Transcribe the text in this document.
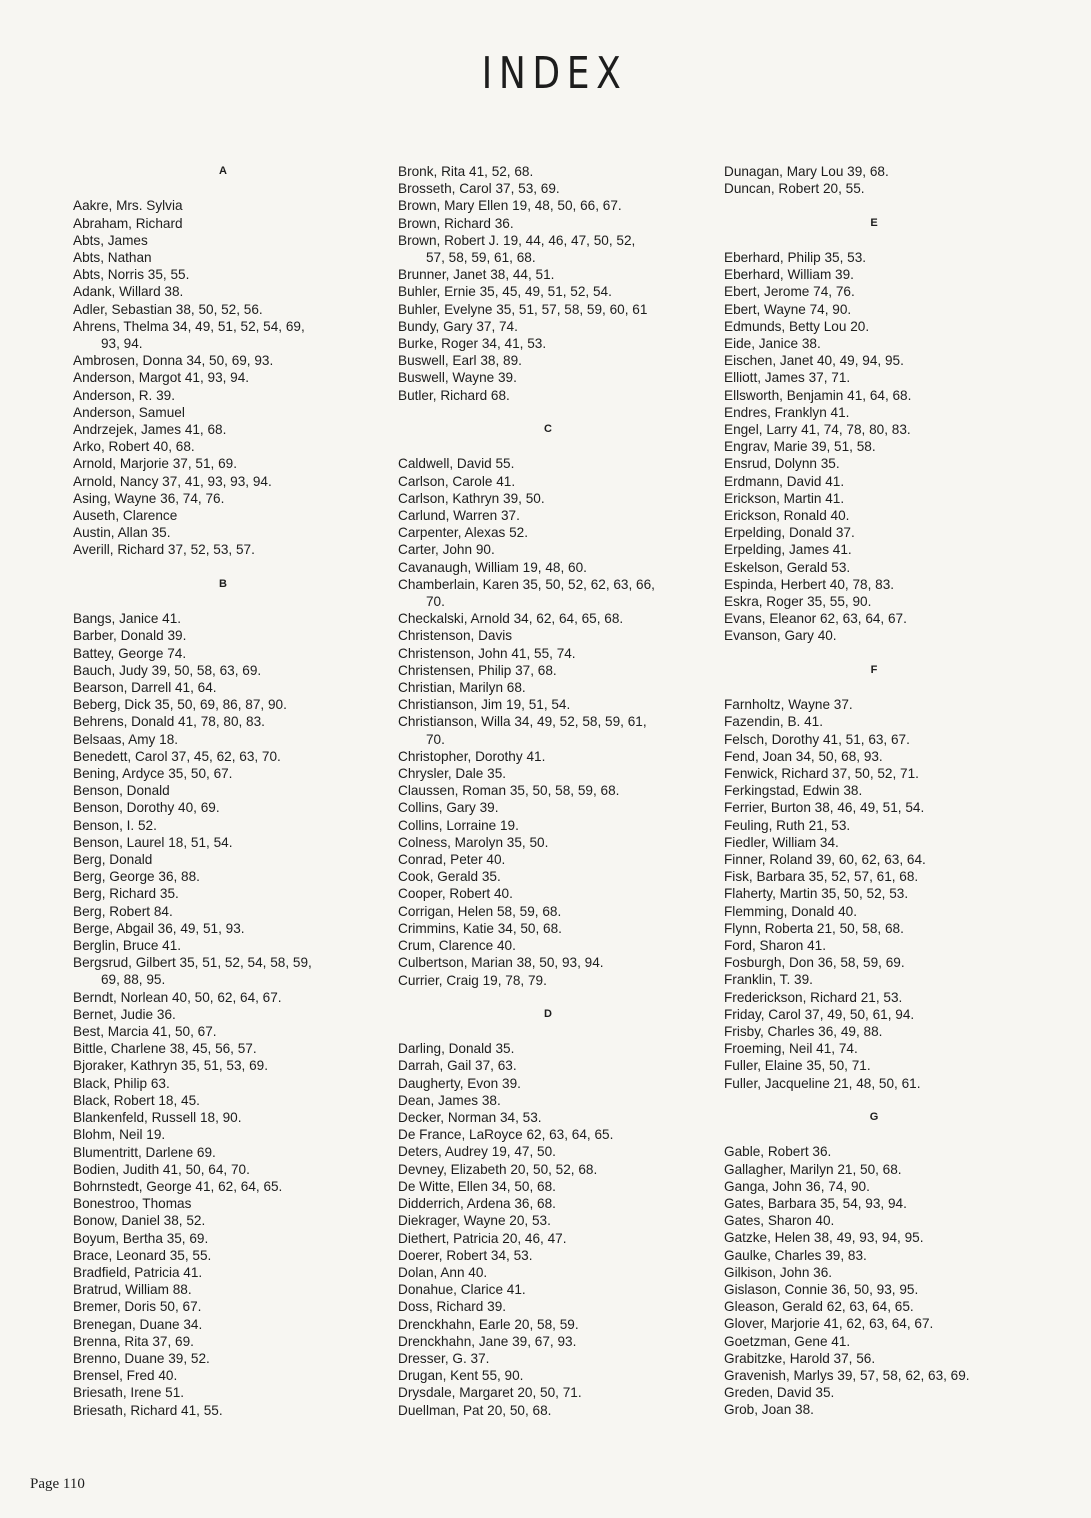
INDEX
A
Aakre, Mrs. Sylvia
Abraham, Richard
Abts, James
Abts, Nathan
Abts, Norris 35, 55.
Adank, Willard 38.
Adler, Sebastian 38, 50, 52, 56.
Ahrens, Thelma 34, 49, 51, 52, 54, 69,
93, 94.
Ambrosen, Donna 34, 50, 69, 93.
Anderson, Margot 41, 93, 94.
Anderson, R. 39.
Anderson, Samuel
Andrzejek, James 41, 68.
Arko, Robert 40, 68.
Arnold, Marjorie 37, 51, 69.
Arnold, Nancy 37, 41, 93, 93, 94.
Asing, Wayne 36, 74, 76.
Auseth, Clarence
Austin, Allan 35.
Averill, Richard 37, 52, 53, 57.
B
Bangs, Janice 41.
Barber, Donald 39.
Battey, George 74.
Bauch, Judy 39, 50, 58, 63, 69.
Bearson, Darrell 41, 64.
Beberg, Dick 35, 50, 69, 86, 87, 90.
Behrens, Donald 41, 78, 80, 83.
Belsaas, Amy 18.
Benedett, Carol 37, 45, 62, 63, 70.
Bening, Ardyce 35, 50, 67.
Benson, Donald
Benson, Dorothy 40, 69.
Benson, I. 52.
Benson, Laurel 18, 51, 54.
Berg, Donald
Berg, George 36, 88.
Berg, Richard 35.
Berg, Robert 84.
Berge, Abgail 36, 49, 51, 93.
Berglin, Bruce 41.
Bergsrud, Gilbert 35, 51, 52, 54, 58, 59,
69, 88, 95.
Berndt, Norlean 40, 50, 62, 64, 67.
Bernet, Judie 36.
Best, Marcia 41, 50, 67.
Bittle, Charlene 38, 45, 56, 57.
Bjoraker, Kathryn 35, 51, 53, 69.
Black, Philip 63.
Black, Robert 18, 45.
Blankenfeld, Russell 18, 90.
Blohm, Neil 19.
Blumentritt, Darlene 69.
Bodien, Judith 41, 50, 64, 70.
Bohrnstedt, George 41, 62, 64, 65.
Bonestroo, Thomas
Bonow, Daniel 38, 52.
Boyum, Bertha 35, 69.
Brace, Leonard 35, 55.
Bradfield, Patricia 41.
Bratrud, William 88.
Bremer, Doris 50, 67.
Brenegan, Duane 34.
Brenna, Rita 37, 69.
Brenno, Duane 39, 52.
Brensel, Fred 40.
Briesath, Irene 51.
Briesath, Richard 41, 55.
Bronk, Rita 41, 52, 68.
Brosseth, Carol 37, 53, 69.
Brown, Mary Ellen 19, 48, 50, 66, 67.
Brown, Richard 36.
Brown, Robert J. 19, 44, 46, 47, 50, 52,
57, 58, 59, 61, 68.
Brunner, Janet 38, 44, 51.
Buhler, Ernie 35, 45, 49, 51, 52, 54.
Buhler, Evelyne 35, 51, 57, 58, 59, 60, 61
Bundy, Gary 37, 74.
Burke, Roger 34, 41, 53.
Buswell, Earl 38, 89.
Buswell, Wayne 39.
Butler, Richard 68.
C
Caldwell, David 55.
Carlson, Carole 41.
Carlson, Kathryn 39, 50.
Carlund, Warren 37.
Carpenter, Alexas 52.
Carter, John 90.
Cavanaugh, William 19, 48, 60.
Chamberlain, Karen 35, 50, 52, 62, 63, 66,
70.
Checkalski, Arnold 34, 62, 64, 65, 68.
Christenson, Davis
Christenson, John 41, 55, 74.
Christensen, Philip 37, 68.
Christian, Marilyn 68.
Christianson, Jim 19, 51, 54.
Christianson, Willa 34, 49, 52, 58, 59, 61,
70.
Christopher, Dorothy 41.
Chrysler, Dale 35.
Claussen, Roman 35, 50, 58, 59, 68.
Collins, Gary 39.
Collins, Lorraine 19.
Colness, Marolyn 35, 50.
Conrad, Peter 40.
Cook, Gerald 35.
Cooper, Robert 40.
Corrigan, Helen 58, 59, 68.
Crimmins, Katie 34, 50, 68.
Crum, Clarence 40.
Culbertson, Marian 38, 50, 93, 94.
Currier, Craig 19, 78, 79.
D
Darling, Donald 35.
Darrah, Gail 37, 63.
Daugherty, Evon 39.
Dean, James 38.
Decker, Norman 34, 53.
De France, LaRoyce 62, 63, 64, 65.
Deters, Audrey 19, 47, 50.
Devney, Elizabeth 20, 50, 52, 68.
De Witte, Ellen 34, 50, 68.
Didderrich, Ardena 36, 68.
Diekrager, Wayne 20, 53.
Diethert, Patricia 20, 46, 47.
Doerer, Robert 34, 53.
Dolan, Ann 40.
Donahue, Clarice 41.
Doss, Richard 39.
Drenckhahn, Earle 20, 58, 59.
Drenckhahn, Jane 39, 67, 93.
Dresser, G. 37.
Drugan, Kent 55, 90.
Drysdale, Margaret 20, 50, 71.
Duellman, Pat 20, 50, 68.
Dunagan, Mary Lou 39, 68.
Duncan, Robert 20, 55.
E
Eberhard, Philip 35, 53.
Eberhard, William 39.
Ebert, Jerome 74, 76.
Ebert, Wayne 74, 90.
Edmunds, Betty Lou 20.
Eide, Janice 38.
Eischen, Janet 40, 49, 94, 95.
Elliott, James 37, 71.
Ellsworth, Benjamin 41, 64, 68.
Endres, Franklyn 41.
Engel, Larry 41, 74, 78, 80, 83.
Engrav, Marie 39, 51, 58.
Ensrud, Dolynn 35.
Erdmann, David 41.
Erickson, Martin 41.
Erickson, Ronald 40.
Erpelding, Donald 37.
Erpelding, James 41.
Eskelson, Gerald 53.
Espinda, Herbert 40, 78, 83.
Eskra, Roger 35, 55, 90.
Evans, Eleanor 62, 63, 64, 67.
Evanson, Gary 40.
F
Farnholtz, Wayne 37.
Fazendin, B. 41.
Felsch, Dorothy 41, 51, 63, 67.
Fend, Joan 34, 50, 68, 93.
Fenwick, Richard 37, 50, 52, 71.
Ferkingstad, Edwin 38.
Ferrier, Burton 38, 46, 49, 51, 54.
Feuling, Ruth 21, 53.
Fiedler, William 34.
Finner, Roland 39, 60, 62, 63, 64.
Fisk, Barbara 35, 52, 57, 61, 68.
Flaherty, Martin 35, 50, 52, 53.
Flemming, Donald 40.
Flynn, Roberta 21, 50, 58, 68.
Ford, Sharon 41.
Fosburgh, Don 36, 58, 59, 69.
Franklin, T. 39.
Frederickson, Richard 21, 53.
Friday, Carol 37, 49, 50, 61, 94.
Frisby, Charles 36, 49, 88.
Froeming, Neil 41, 74.
Fuller, Elaine 35, 50, 71.
Fuller, Jacqueline 21, 48, 50, 61.
G
Gable, Robert 36.
Gallagher, Marilyn 21, 50, 68.
Ganga, John 36, 74, 90.
Gates, Barbara 35, 54, 93, 94.
Gates, Sharon 40.
Gatzke, Helen 38, 49, 93, 94, 95.
Gaulke, Charles 39, 83.
Gilkison, John 36.
Gislason, Connie 36, 50, 93, 95.
Gleason, Gerald 62, 63, 64, 65.
Glover, Marjorie 41, 62, 63, 64, 67.
Goetzman, Gene 41.
Grabitzke, Harold 37, 56.
Gravenish, Marlys 39, 57, 58, 62, 63, 69.
Greden, David 35.
Grob, Joan 38.
Page 110
